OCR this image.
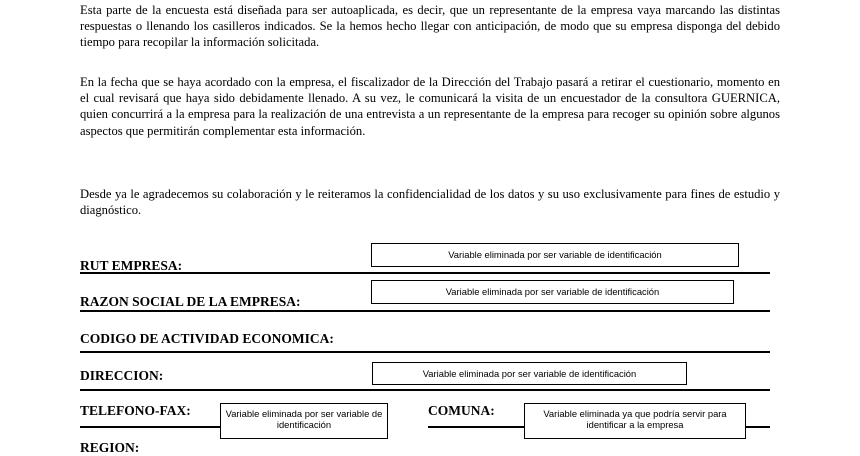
Esta parte de la encuesta está diseñada para ser autoaplicada, es decir, que un representante de la empresa vaya marcando las distintas respuestas o llenando los casilleros indicados. Se la hemos hecho llegar con anticipación, de modo que su empresa disponga del debido tiempo para recopilar la información solicitada.

En la fecha que se haya acordado con la empresa, el fiscalizador de la Dirección del Trabajo pasará a retirar el cuestionario, momento en el cual revisará que haya sido debidamente llenado. A su vez, le comunicará la visita de un encuestador de la consultora GUERNICA, quien concurrirá a la empresa para la realización de una entrevista a un representante de la empresa para recoger su opinión sobre algunos aspectos que permitirán complementar esta información.

Desde ya le agradecemos su colaboración y le reiteramos la confidencialidad de los datos y su uso exclusivamente para fines de estudio y diagnóstico.

RUT EMPRESA:
Variable eliminada por ser variable de identificación
RAZON SOCIAL DE LA EMPRESA:
Variable eliminada por ser variable de identificación
CODIGO DE ACTIVIDAD ECONOMICA:
DIRECCION:	Variable eliminada por ser variable de identificación
TELEFONO-FAX:	Variable eliminada por ser variable de identificación
COMUNA:	Variable eliminada ya que podría servir para identificar a la empresa
REGION:
